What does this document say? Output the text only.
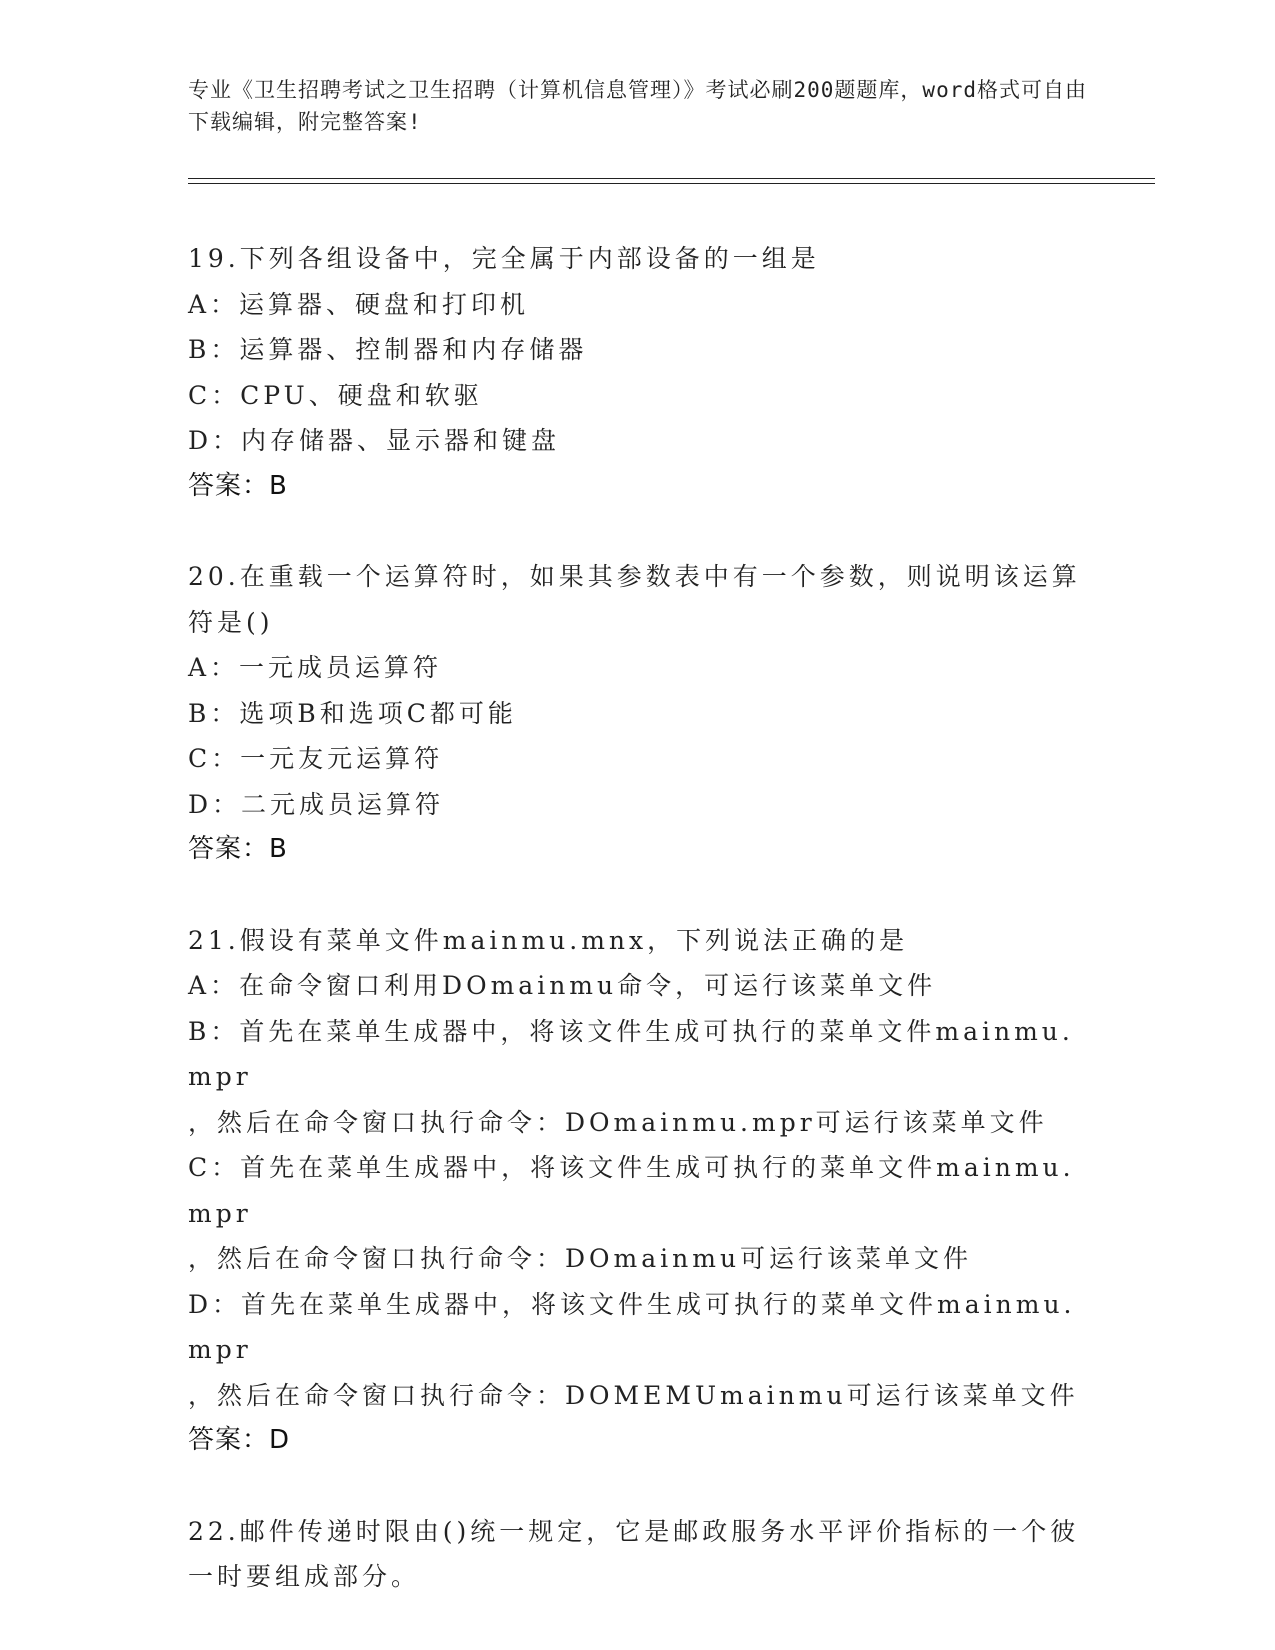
专业《卫生招聘考试之卫生招聘（计算机信息管理）》考试必刷200题题库，word格式可自由下载编辑，附完整答案!
19.下列各组设备中，完全属于内部设备的一组是
A：运算器、硬盘和打印机
B：运算器、控制器和内存储器
C：CPU、硬盘和软驱
D：内存储器、显示器和键盘
答案：B
20.在重载一个运算符时，如果其参数表中有一个参数，则说明该运算
符是()
A：一元成员运算符
B：选项B和选项C都可能
C：一元友元运算符
D：二元成员运算符
答案：B
21.假设有菜单文件mainmu.mnx，下列说法正确的是
A：在命令窗口利用DOmainmu命令，可运行该菜单文件
B：首先在菜单生成器中，将该文件生成可执行的菜单文件mainmu.mpr
，然后在命令窗口执行命令：DOmainmu.mpr可运行该菜单文件
C：首先在菜单生成器中，将该文件生成可执行的菜单文件mainmu.mpr
，然后在命令窗口执行命令：DOmainmu可运行该菜单文件
D：首先在菜单生成器中，将该文件生成可执行的菜单文件mainmu.mpr
，然后在命令窗口执行命令：DOMEMUmainmu可运行该菜单文件
答案：D
22.邮件传递时限由()统一规定，它是邮政服务水平评价指标的一个彼
一时要组成部分。
